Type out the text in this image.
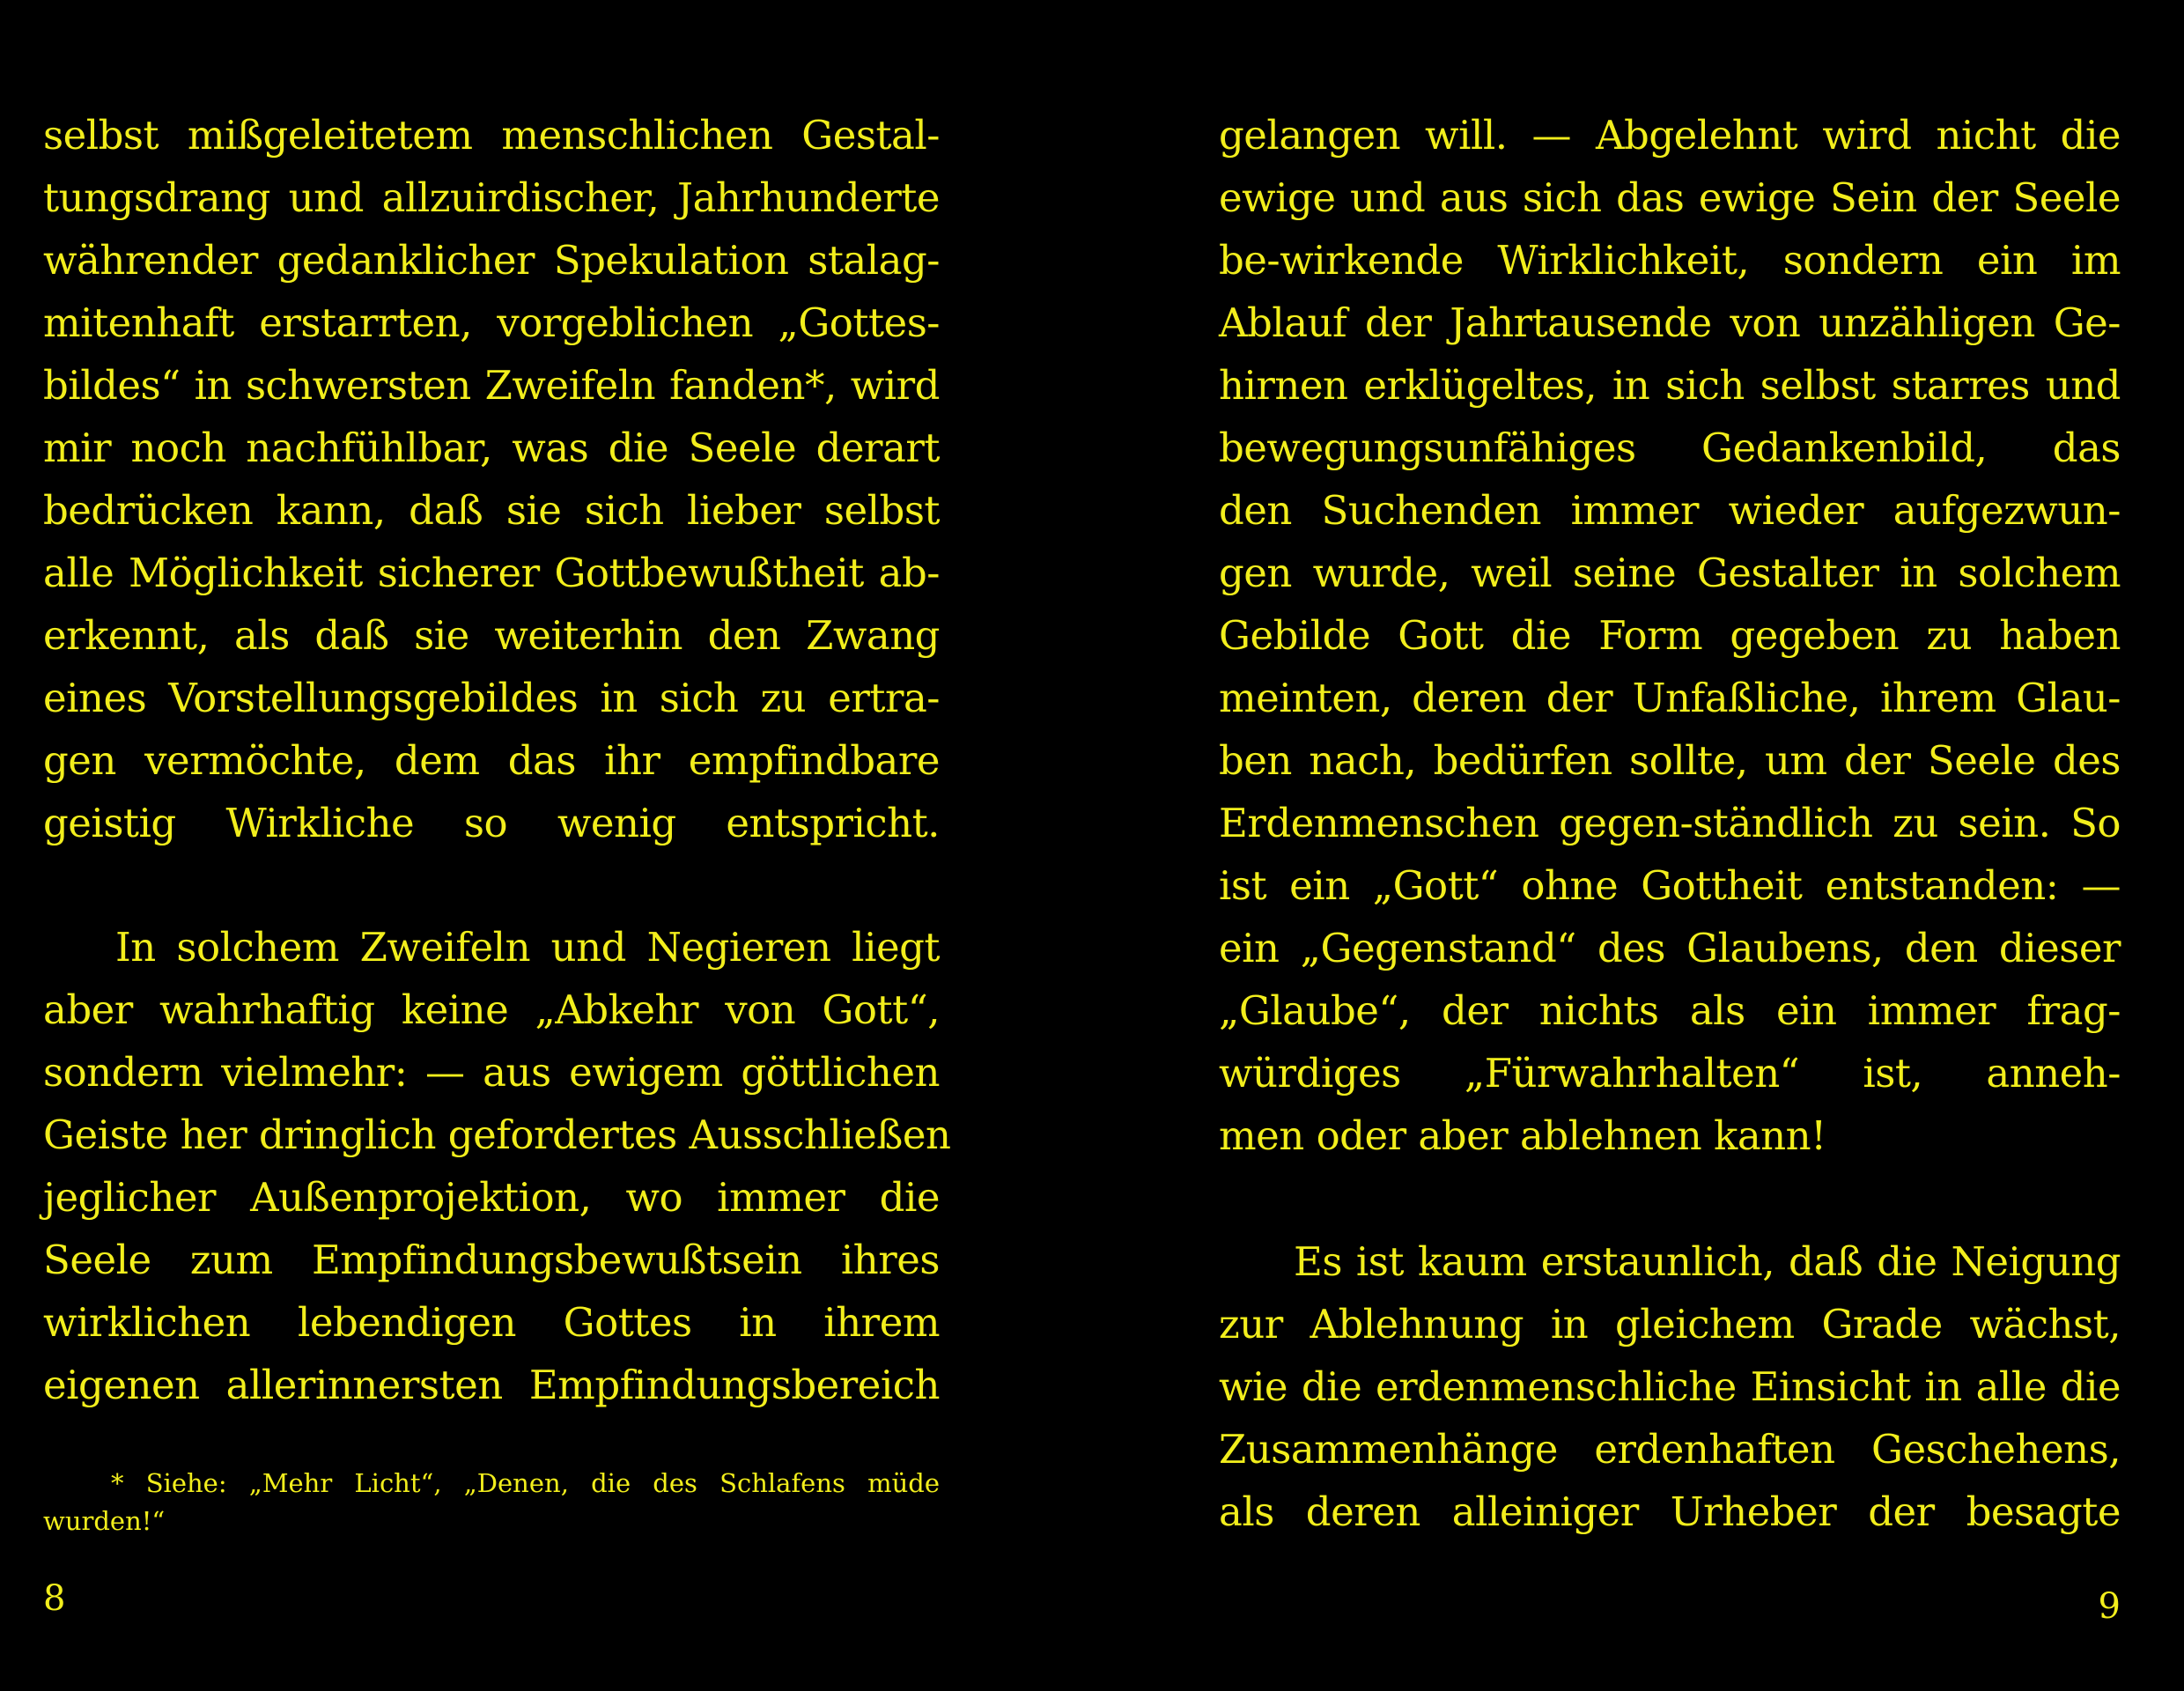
selbst mißgeleitetem menschlichen Gestal-
tungsdrang und allzuirdischer, Jahrhunderte
währender gedanklicher Spekulation stalag-
mitenhaft erstarrten, vorgeblichen „Gottes-
bildes“ in schwersten Zweifeln fanden*, wird
mir noch nachfühlbar, was die Seele derart
bedrücken kann, daß sie sich lieber selbst
alle Möglichkeit sicherer Gottbewußtheit ab-
erkennt, als daß sie weiterhin den Zwang
eines Vorstellungsgebildes in sich zu ertra-
gen vermöchte, dem das ihr empfindbare
geistig Wirkliche so wenig entspricht.
In solchem Zweifeln und Negieren liegt
aber wahrhaftig keine „Abkehr von Gott“,
sondern vielmehr: — aus ewigem göttlichen
Geiste her dringlich gefordertes Ausschließen
jeglicher Außenprojektion, wo immer die
Seele zum Empfindungsbewußtsein ihres
wirklichen lebendigen Gottes in ihrem
eigenen allerinnersten Empfindungsbereich
* Siehe: „Mehr Licht“, „Denen, die des Schlafens müde
wurden!“
8
gelangen will. — Abgelehnt wird nicht die
ewige und aus sich das ewige Sein der Seele
be-wirkende Wirklichkeit, sondern ein im
Ablauf der Jahrtausende von unzähligen Ge-
hirnen erklügeltes, in sich selbst starres und
bewegungsunfähiges Gedankenbild, das
den Suchenden immer wieder aufgezwun-
gen wurde, weil seine Gestalter in solchem
Gebilde Gott die Form gegeben zu haben
meinten, deren der Unfaßliche, ihrem Glau-
ben nach, bedürfen sollte, um der Seele des
Erdenmenschen gegen-ständlich zu sein. So
ist ein „Gott“ ohne Gottheit entstanden: —
ein „Gegenstand“ des Glaubens, den dieser
„Glaube“, der nichts als ein immer frag-
würdiges „Fürwahrhalten“ ist, anneh-
men oder aber ablehnen kann!
Es ist kaum erstaunlich, daß die Neigung
zur Ablehnung in gleichem Grade wächst,
wie die erdenmenschliche Einsicht in alle die
Zusammenhänge erdenhaften Geschehens,
als deren alleiniger Urheber der besagte
9
